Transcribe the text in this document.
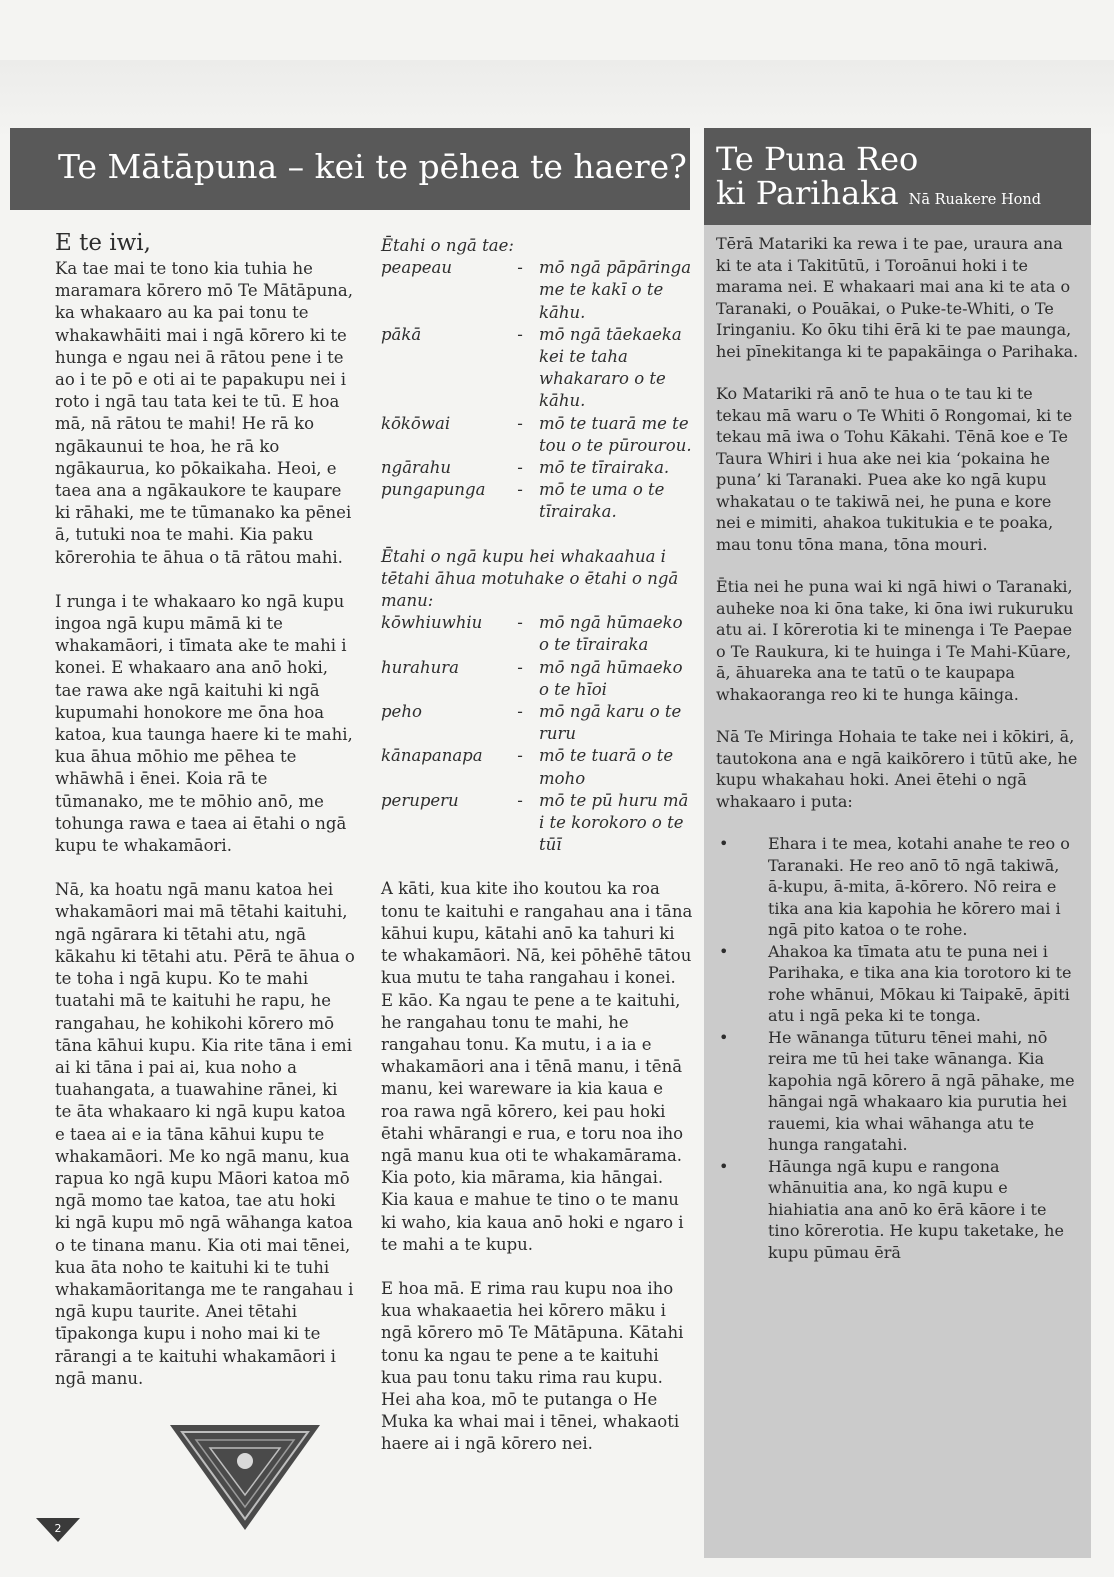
Te Mātāpuna – kei te pēhea te haere?
E te iwi,

Ka tae mai te tono kia tuhia he maramara kōrero mō Te Mātāpuna, ka whakaaro au ka pai tonu te whakawhāiti mai i ngā kōrero ki te hunga e ngau nei ā rātou pene i te ao i te pō e oti ai te papakupu nei i roto i ngā tau tata kei te tū. E hoa mā, nā rātou te mahi! He rā ko ngākaunui te hoa, he rā ko ngākaurua, ko pōkaikaha. Heoi, e taea ana a ngākaukore te kaupare ki rāhaki, me te tūmanako ka pēnei ā, tutuki noa te mahi. Kia paku kōrerohia te āhua o tā rātou mahi.

I runga i te whakaaro ko ngā kupu ingoa ngā kupu māmā ki te whakamāori, i tīmata ake te mahi i konei. E whakaaro ana anō hoki, tae rawa ake ngā kaituhi ki ngā kupumahi honokore me ōna hoa katoa, kua taunga haere ki te mahi, kua āhua mōhio me pēhea te whāwhā i ēnei. Koia rā te tūmanako, me te mōhio anō, me tohunga rawa e taea ai ētahi o ngā kupu te whakamāori.

Nā, ka hoatu ngā manu katoa hei whakamāori mai mā tētahi kaituhi, ngā ngārara ki tētahi atu, ngā kākahu ki tētahi atu. Pērā te āhua o te toha i ngā kupu. Ko te mahi tuatahi mā te kaituhi he rapu, he rangahau, he kohikohi kōrero mō tāna kāhui kupu. Kia rite tāna i emi ai ki tāna i pai ai, kua noho a tuahangata, a tuawahine rānei, ki te āta whakaaro ki ngā kupu katoa e taea ai e ia tāna kāhui kupu te whakamāori. Me ko ngā manu, kua rapua ko ngā kupu Māori katoa mō ngā momo tae katoa, tae atu hoki ki ngā kupu mō ngā wāhanga katoa o te tinana manu. Kia oti mai tēnei, kua āta noho te kaituhi ki te tuhi whakamāoritanga me te rangahau i ngā kupu taurite. Anei tētahi tīpakonga kupu i noho mai ki te rārangi a te kaituhi whakamāori i ngā manu.

Ētahi o ngā tae:
peapeau	- mō ngā pāpāringa me te kakī o te kāhu.
pākā	- mō ngā tāekaeka kei te taha whakararo o te kāhu.
kōkōwai	- mō te tuarā me te tou o te pūrourou.
ngārahu	- mō te tīrairaka.
pungapunga	- mō te uma o te tīrairaka.
Ētahi o ngā kupu hei whakaahua i tētahi āhua motuhake o ētahi o ngā manu:
kōwhiuwhiu	- mō ngā hūmaeko o te tīrairaka
hurahura	- mō ngā hūmaeko o te hīoi
peho	- mō ngā karu o te ruru
kānapanapa	- mō te tuarā o te moho
peruperu	- mō te pū huru mā i te korokoro o te tūī

A kāti, kua kite iho koutou ka roa tonu te kaituhi e rangahau ana i tāna kāhui kupu, kātahi anō ka tahuri ki te whakamāori. Nā, kei pōhēhē tātou kua mutu te taha rangahau i konei. E kāo. Ka ngau te pene a te kaituhi, he rangahau tonu te mahi, he rangahau tonu. Ka mutu, i a ia e whakamāori ana i tēnā manu, i tēnā manu, kei wareware ia kia kaua e roa rawa ngā kōrero, kei pau hoki ētahi whārangi e rua, e toru noa iho ngā manu kua oti te whakamārama. Kia poto, kia mārama, kia hāngai. Kia kaua e mahue te tino o te manu ki waho, kia kaua anō hoki e ngaro i te mahi a te kupu.

E hoa mā. E rima rau kupu noa iho kua whakaaetia hei kōrero māku i ngā kōrero mō Te Mātāpuna. Kātahi tonu ka ngau te pene a te kaituhi kua pau tonu taku rima rau kupu. Hei aha koa, mō te putanga o He Muka ka whai mai i tēnei, whakaoti haere ai i ngā kōrero nei.

Te Puna Reo
ki Parihaka Nā Ruakere Hond

Tērā Matariki ka rewa i te pae, uraura ana ki te ata i Takitūtū, i Toroānui hoki i te marama nei. E whakaari mai ana ki te ata o Taranaki, o Pouākai, o Puke-te-Whiti, o Te Iringaniu. Ko ōku tihi ērā ki te pae maunga, hei pīnekitanga ki te papakāinga o Parihaka.

Ko Matariki rā anō te hua o te tau ki te tekau mā waru o Te Whiti ō Rongomai, ki te tekau mā iwa o Tohu Kākahi. Tēnā koe e Te Taura Whiri i hua ake nei kia ‘pokaina he puna’ ki Taranaki. Puea ake ko ngā kupu whakatau o te takiwā nei, he puna e kore nei e mimiti, ahakoa tukitukia e te poaka, mau tonu tōna mana, tōna mouri.

Ētia nei he puna wai ki ngā hiwi o Taranaki, auheke noa ki ōna take, ki ōna iwi rukuruku atu ai. I kōrerotia ki te minenga i Te Paepae o Te Raukura, ki te huinga i Te Mahi-Kūare, ā, āhuareka ana te tatū o te kaupapa whakaoranga reo ki te hunga kāinga.

Nā Te Miringa Hohaia te take nei i kōkiri, ā, tautokona ana e ngā kaikōrero i tūtū ake, he kupu whakahau hoki. Anei ētehi o ngā whakaaro i puta:

• Ehara i te mea, kotahi anahe te reo o Taranaki. He reo anō tō ngā takiwā, ā-kupu, ā-mita, ā-kōrero. Nō reira e tika ana kia kapohia he kōrero mai i ngā pito katoa o te rohe.
• Ahakoa ka tīmata atu te puna nei i Parihaka, e tika ana kia torotoro ki te rohe whānui, Mōkau ki Taipakē, āpiti atu i ngā peka ki te tonga.
• He wānanga tūturu tēnei mahi, nō reira me tū hei take wānanga. Kia kapohia ngā kōrero ā ngā pāhake, me hāngai ngā whakaaro kia purutia hei rauemi, kia whai wāhanga atu te hunga rangatahi.
• Hāunga ngā kupu e rangona whānuitia ana, ko ngā kupu e hiahiatia ana anō ko ērā kāore i te tino kōrerotia. He kupu taketake, he kupu pūmau ērā
2
